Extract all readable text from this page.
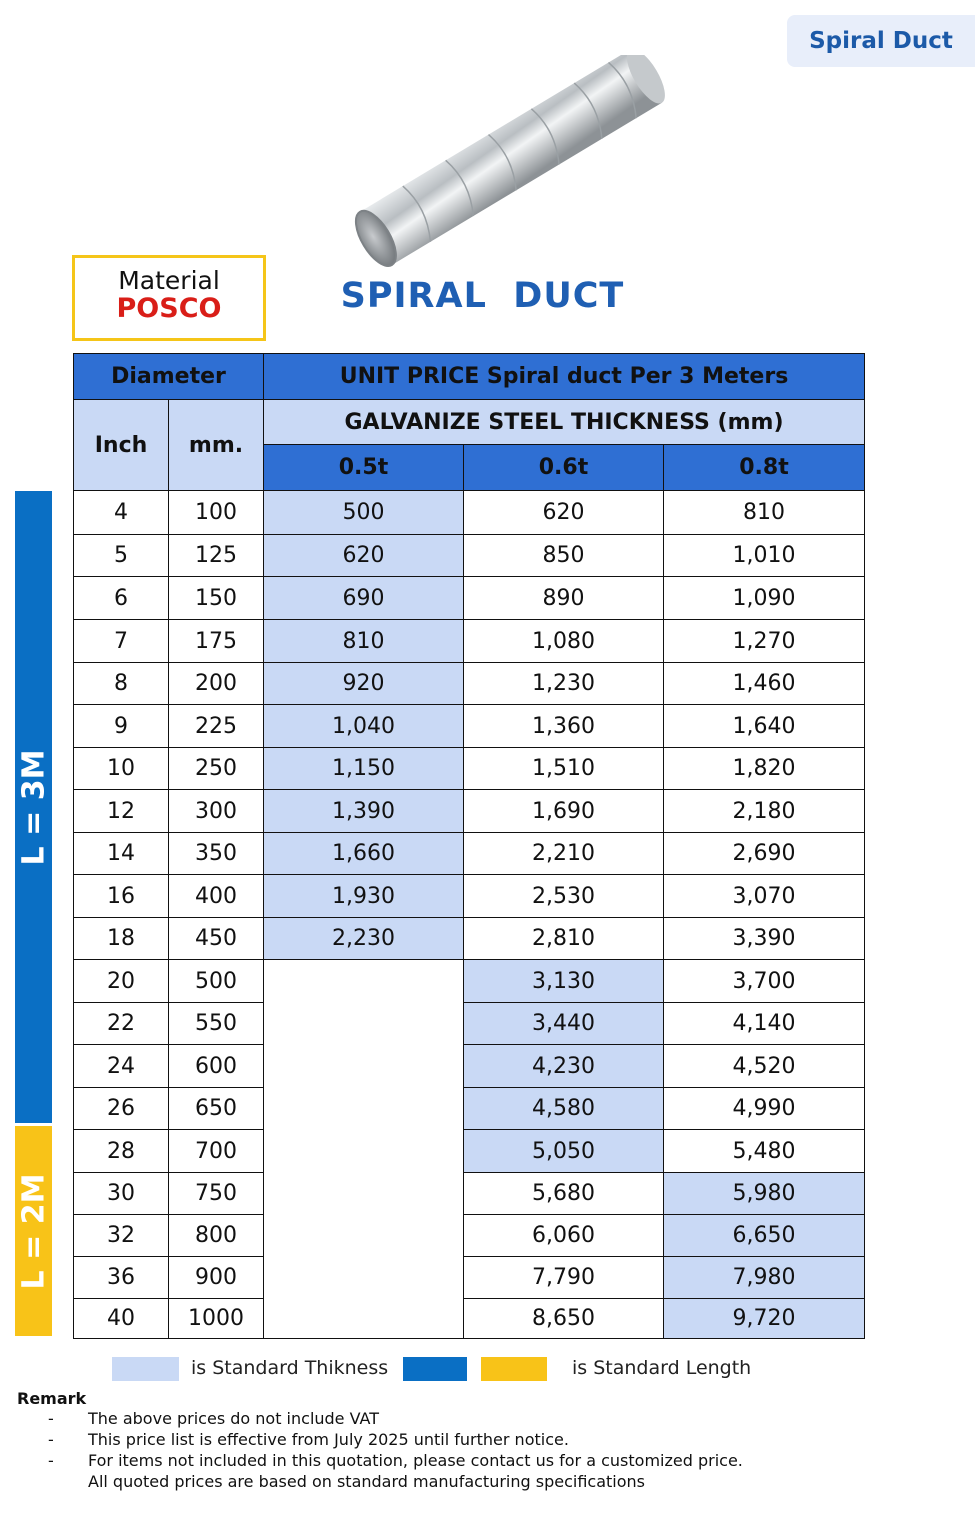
Spiral Duct
Material
POSCO	SPIRAL  DUCT
L = 3M
L = 2M
Diameter		UNIT PRICE Spiral duct Per 3 Meters		
Inch	mm.	GALVANIZE STEEL THICKNESS (mm)		
		0.5t	0.6t	0.8t
4	100	500	620	810
5	125	620	850	1,010
6	150	690	890	1,090
7	175	810	1,080	1,270
8	200	920	1,230	1,460
9	225	1,040	1,360	1,640
10	250	1,150	1,510	1,820
12	300	1,390	1,690	2,180
14	350	1,660	2,210	2,690
16	400	1,930	2,530	3,070
18	450	2,230	2,810	3,390
20	500		3,130	3,700
22	550		3,440	4,140
24	600		4,230	4,520
26	650		4,580	4,990
28	700		5,050	5,480
30	750		5,680	5,980
32	800		6,060	6,650
36	900		7,790	7,980
40	1000		8,650	9,720
is Standard Thikness	is Standard Length
Remark
- The above prices do not include VAT
- This price list is effective from July 2025 until further notice.
- For items not included in this quotation, please contact us for a customized price.
All quoted prices are based on standard manufacturing specifications
